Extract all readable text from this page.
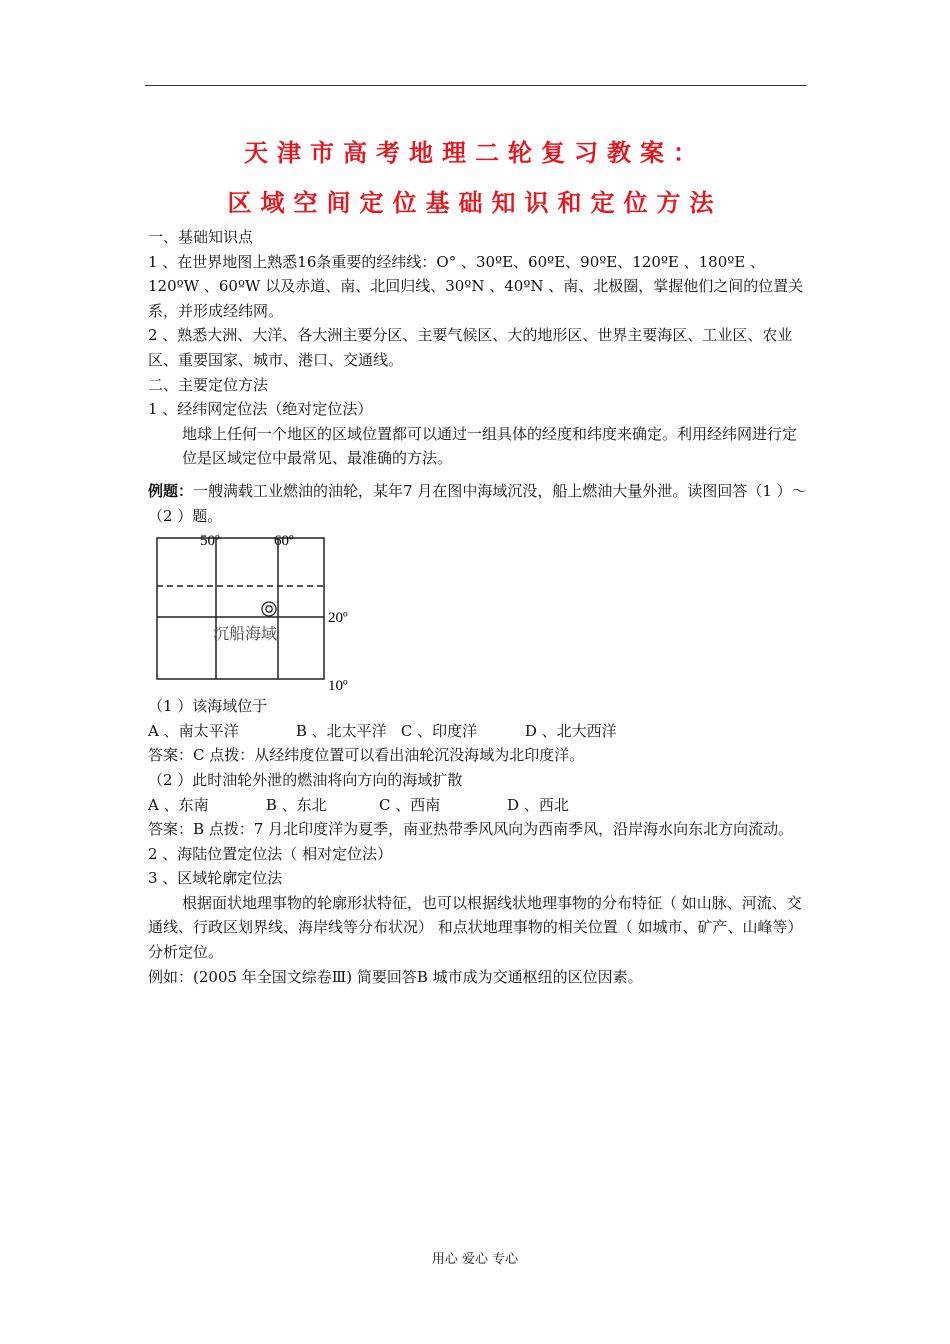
天津市高考地理二轮复习教案：
区域空间定位基础知识和定位方法

一、基础知识点

1 、在世界地图上熟悉16条重要的经纬线：O° 、30ºE、60ºE、90ºE、120ºE 、180ºE 、120ºW 、60ºW 以及赤道、南、北回归线、30ºN 、40ºN 、南、北极圈，掌握他们之间的位置关系，并形成经纬网。

2 、熟悉大洲、大洋、各大洲主要分区、主要气候区、大的地形区、世界主要海区、工业区、农业区、重要国家、城市、港口、交通线。

二、主要定位方法

1 、经纬网定位法（绝对定位法）

地球上任何一个地区的区域位置都可以通过一组具体的经度和纬度来确定。利用经纬网进行定位是区域定位中最常见、最准确的方法。

例题：一艘满载工业燃油的油轮，某年7 月在图中海域沉没，船上燃油大量外泄。读图回答（1 ）～（2 ）题。

50º	60º
20º
10º
沉船海域

（1 ）该海域位于

A 、南太平洋            B 、北太平洋   C 、印度洋          D 、北大西洋

答案：C 点拨：从经纬度位置可以看出油轮沉没海域为北印度洋。

（2 ）此时油轮外泄的燃油将向方向的海域扩散

A 、东南            B 、东北           C 、西南              D 、西北

答案：B 点拨：7 月北印度洋为夏季，南亚热带季风风向为西南季风，沿岸海水向东北方向流动。

2 、海陆位置定位法（ 相对定位法）

3 、区域轮廓定位法

根据面状地理事物的轮廓形状特征，也可以根据线状地理事物的分布特征（ 如山脉、河流、交通线、行政区划界线、海岸线等分布状况） 和点状地理事物的相关位置（ 如城市、矿产、山峰等） 分析定位。

例如：(2005 年全国文综卷Ⅲ) 简要回答B 城市成为交通枢纽的区位因素。

用心 爱心 专心
